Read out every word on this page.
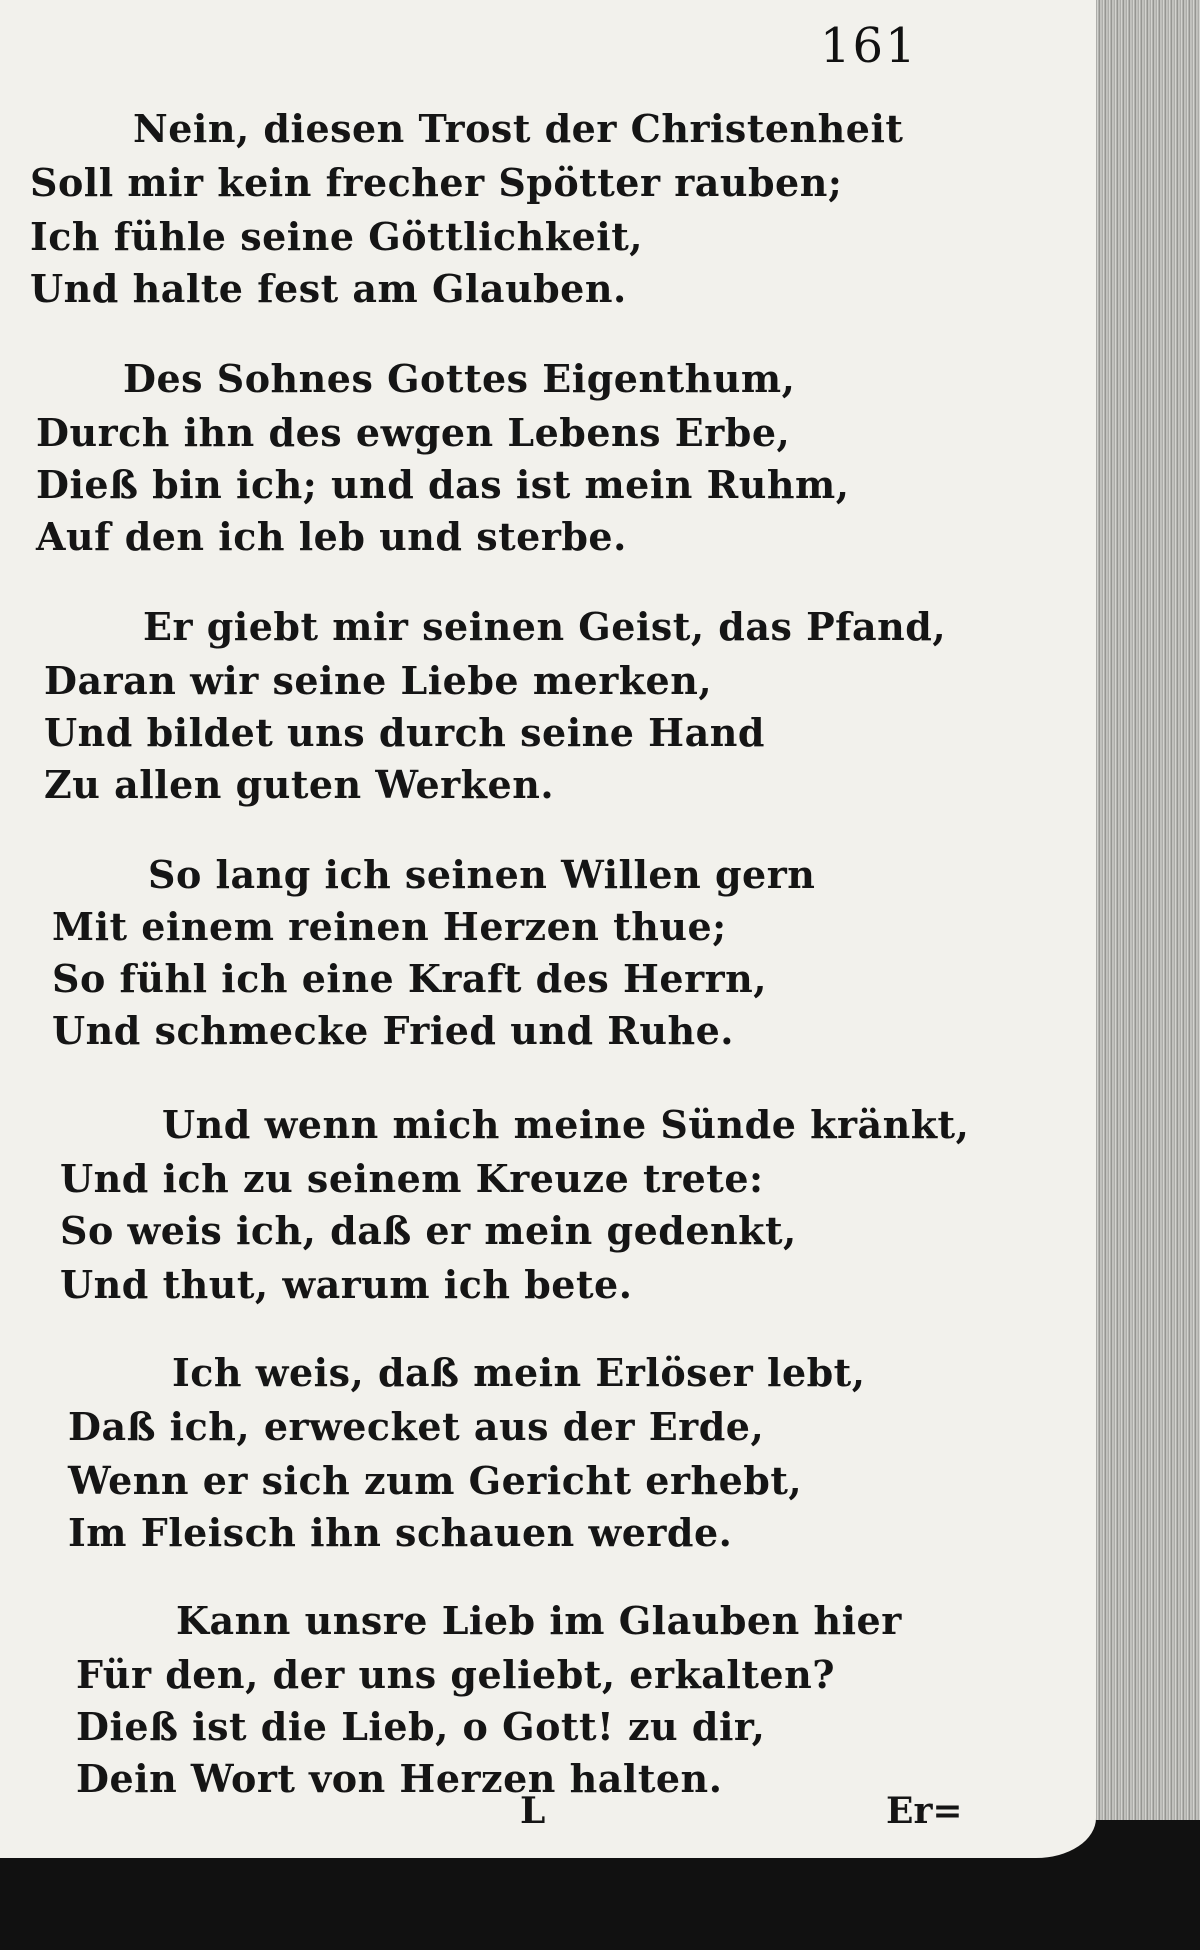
161
Nein, diesen Trost der Christenheit
Soll mir kein frecher Spötter rauben;
Ich fühle seine Göttlichkeit,
Und halte fest am Glauben.
Des Sohnes Gottes Eigenthum,
Durch ihn des ewgen Lebens Erbe,
Dieß bin ich; und das ist mein Ruhm,
Auf den ich leb und sterbe.
Er giebt mir seinen Geist, das Pfand,
Daran wir seine Liebe merken,
Und bildet uns durch seine Hand
Zu allen guten Werken.
So lang ich seinen Willen gern
Mit einem reinen Herzen thue;
So fühl ich eine Kraft des Herrn,
Und schmecke Fried und Ruhe.
Und wenn mich meine Sünde kränkt,
Und ich zu seinem Kreuze trete:
So weis ich, daß er mein gedenkt,
Und thut, warum ich bete.
Ich weis, daß mein Erlöser lebt,
Daß ich, erwecket aus der Erde,
Wenn er sich zum Gericht erhebt,
Im Fleisch ihn schauen werde.
Kann unsre Lieb im Glauben hier
Für den, der uns geliebt, erkalten?
Dieß ist die Lieb, o Gott! zu dir,
Dein Wort von Herzen halten.
L	Er=
